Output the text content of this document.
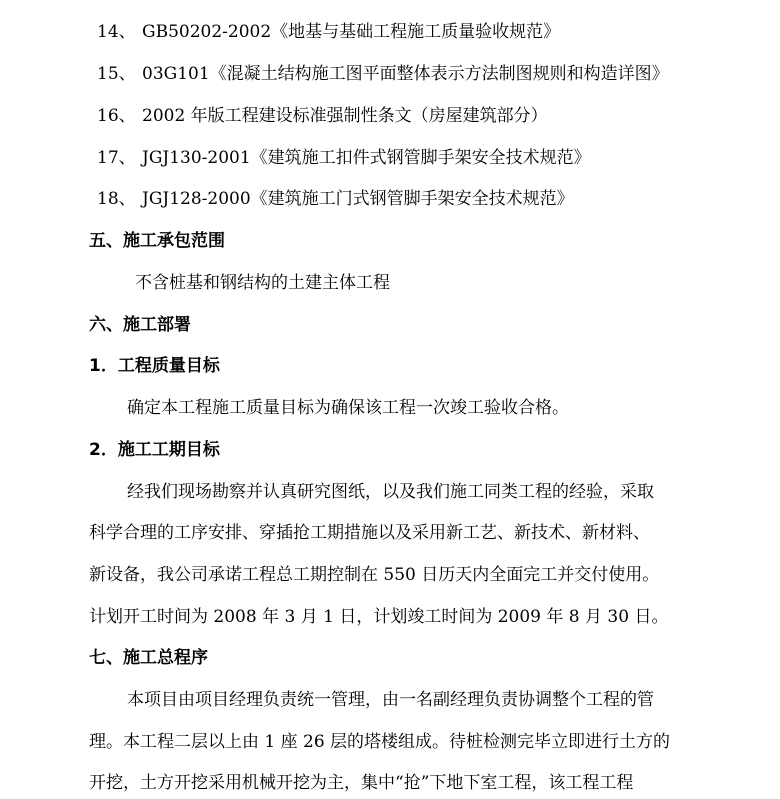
14、 GB50202-2002《地基与基础工程施工质量验收规范》
15、 03G101《混凝土结构施工图平面整体表示方法制图规则和构造详图》
16、 2002 年版工程建设标准强制性条文（房屋建筑部分）
17、 JGJ130-2001《建筑施工扣件式钢管脚手架安全技术规范》
18、 JGJ128-2000《建筑施工门式钢管脚手架安全技术规范》
五、施工承包范围
不含桩基和钢结构的土建主体工程
六、施工部署
1．工程质量目标
确定本工程施工质量目标为确保该工程一次竣工验收合格。
2．施工工期目标
经我们现场勘察并认真研究图纸，以及我们施工同类工程的经验，采取
科学合理的工序安排、穿插抢工期措施以及采用新工艺、新技术、新材料、
新设备，我公司承诺工程总工期控制在 550 日历天内全面完工并交付使用。
计划开工时间为 2008 年 3 月 1 日，计划竣工时间为 2009 年 8 月 30 日。
七、施工总程序
本项目由项目经理负责统一管理，由一名副经理负责协调整个工程的管
理。本工程二层以上由 1 座 26 层的塔楼组成。待桩检测完毕立即进行土方的
开挖，土方开挖采用机械开挖为主，集中“抢”下地下室工程，该工程工程
